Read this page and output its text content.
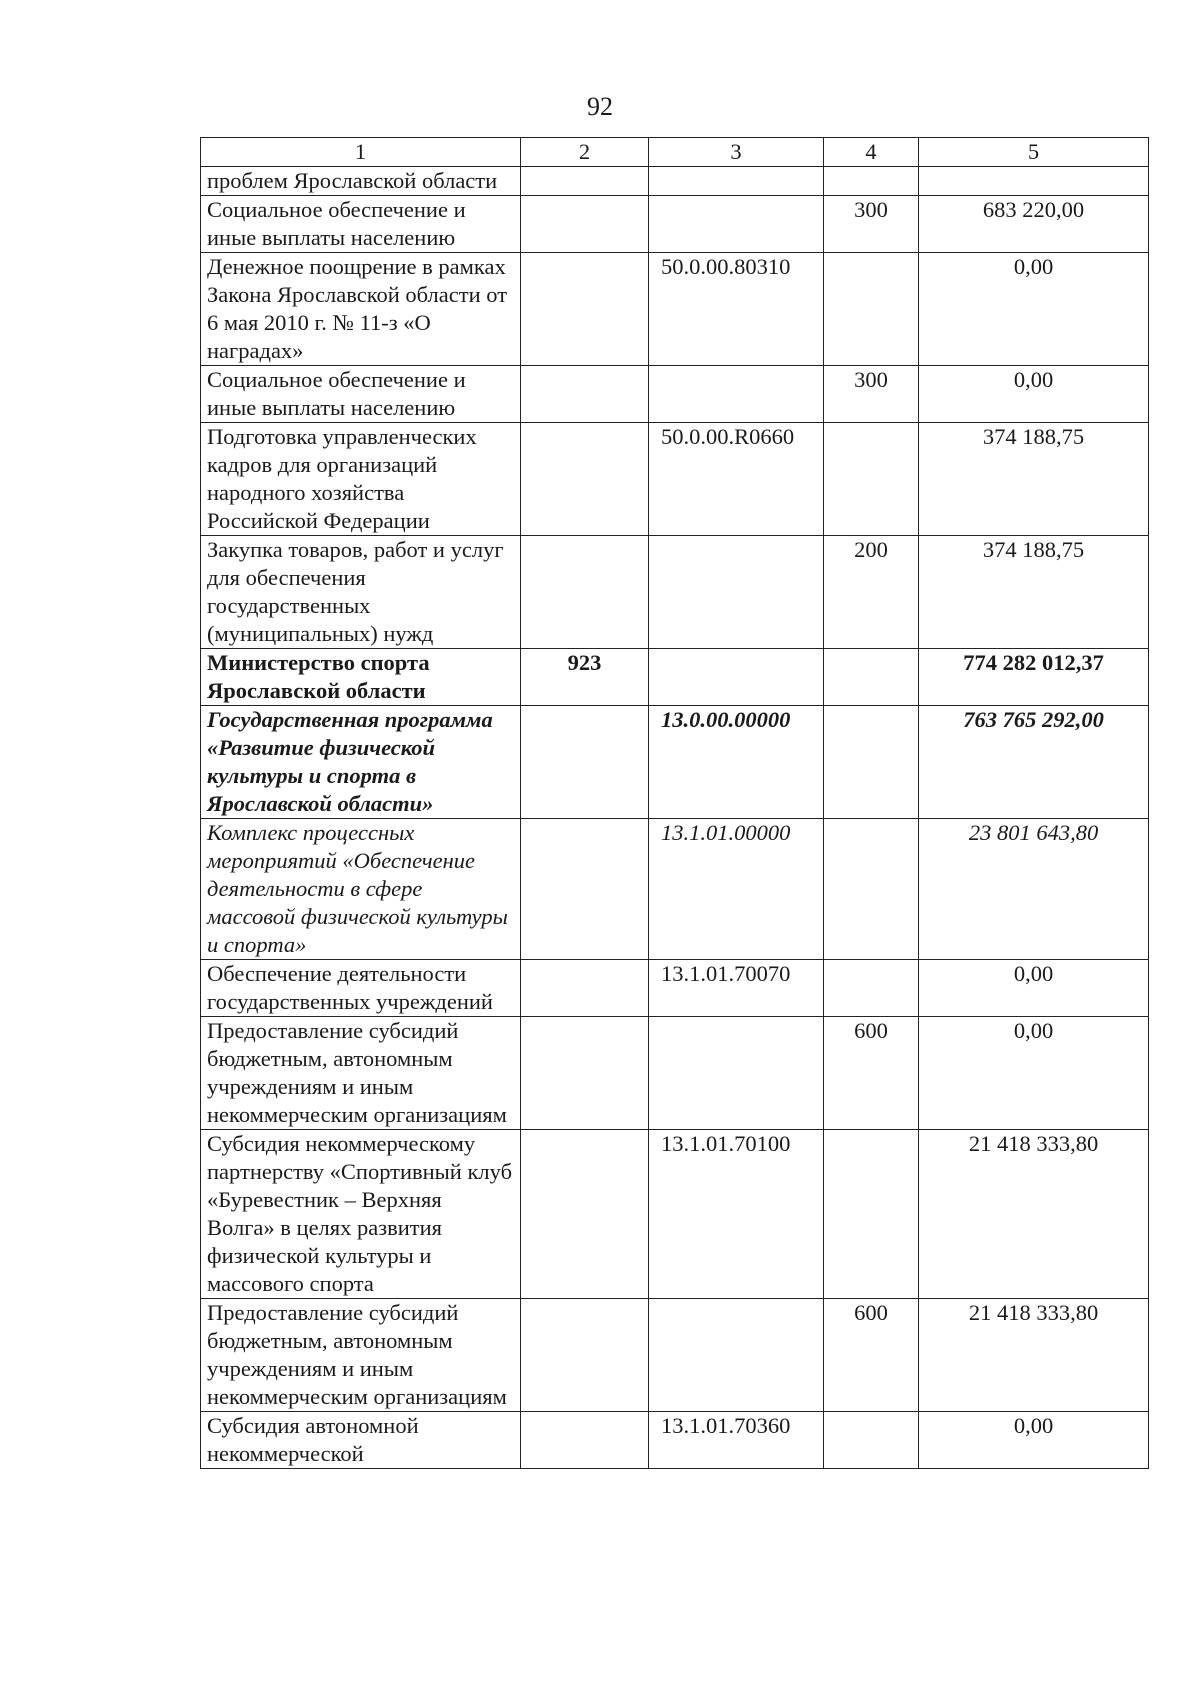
92
1	2	3	4	5
проблем Ярославской области				
Социальное обеспечение и иные выплаты населению			300	683 220,00
Денежное поощрение в рамках Закона Ярославской области от 6 мая 2010 г. № 11-з «О наградах»		50.0.00.80310		0,00
Социальное обеспечение и иные выплаты населению			300	0,00
Подготовка управленческих кадров для организаций народного хозяйства Российской Федерации		50.0.00.R0660		374 188,75
Закупка товаров, работ и услуг для обеспечения государственных (муниципальных) нужд			200	374 188,75
Министерство спорта Ярославской области	923			774 282 012,37
Государственная программа «Развитие физической культуры и спорта в Ярославской области»		13.0.00.00000		763 765 292,00
Комплекс процессных мероприятий «Обеспечение деятельности в сфере массовой физической культуры и спорта»		13.1.01.00000		23 801 643,80
Обеспечение деятельности государственных учреждений		13.1.01.70070		0,00
Предоставление субсидий бюджетным, автономным учреждениям и иным некоммерческим организациям			600	0,00
Субсидия некоммерческому партнерству «Спортивный клуб «Буревестник – Верхняя Волга» в целях развития физической культуры и массового спорта		13.1.01.70100		21 418 333,80
Предоставление субсидий бюджетным, автономным учреждениям и иным некоммерческим организациям			600	21 418 333,80
Субсидия автономной некоммерческой		13.1.01.70360		0,00
